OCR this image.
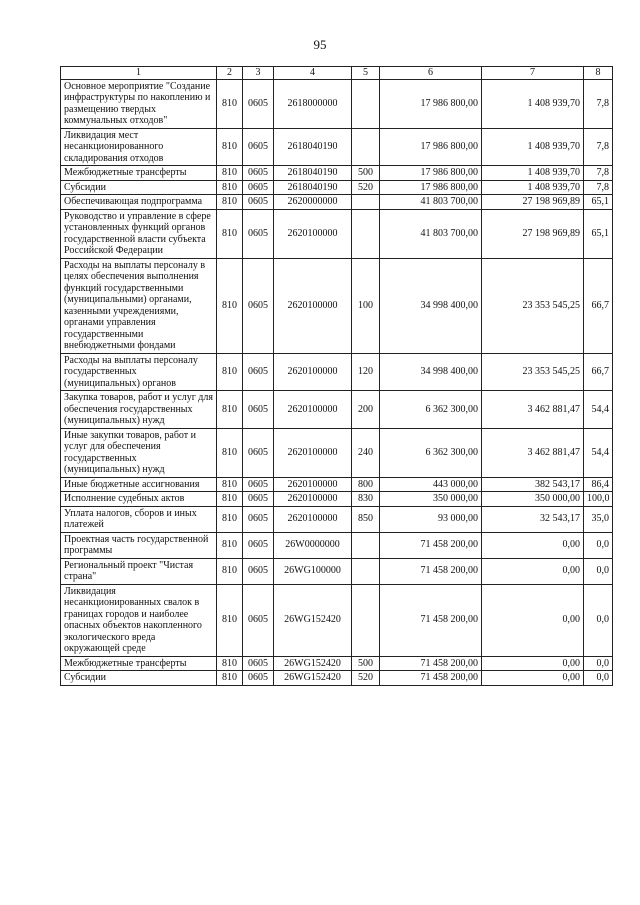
95
1	2	3	4	5	6	7	8
Основное мероприятие "Создание инфраструктуры по накоплению и размещению твердых коммунальных отходов"	810	0605	2618000000		17 986 800,00	1 408 939,70	7,8
Ликвидация мест несанкционированного складирования отходов	810	0605	2618040190		17 986 800,00	1 408 939,70	7,8
Межбюджетные трансферты	810	0605	2618040190	500	17 986 800,00	1 408 939,70	7,8
Субсидии	810	0605	2618040190	520	17 986 800,00	1 408 939,70	7,8
Обеспечивающая подпрограмма	810	0605	2620000000		41 803 700,00	27 198 969,89	65,1
Руководство и управление в сфере установленных функций органов государственной власти субъекта Российской Федерации	810	0605	2620100000		41 803 700,00	27 198 969,89	65,1
Расходы на выплаты персоналу в целях обеспечения выполнения функций государственными (муниципальными) органами, казенными учреждениями, органами управления государственными внебюджетными фондами	810	0605	2620100000	100	34 998 400,00	23 353 545,25	66,7
Расходы на выплаты персоналу государственных (муниципальных) органов	810	0605	2620100000	120	34 998 400,00	23 353 545,25	66,7
Закупка товаров, работ и услуг для обеспечения государственных (муниципальных) нужд	810	0605	2620100000	200	6 362 300,00	3 462 881,47	54,4
Иные закупки товаров, работ и услуг для обеспечения государственных (муниципальных) нужд	810	0605	2620100000	240	6 362 300,00	3 462 881,47	54,4
Иные бюджетные ассигнования	810	0605	2620100000	800	443 000,00	382 543,17	86,4
Исполнение судебных актов	810	0605	2620100000	830	350 000,00	350 000,00	100,0
Уплата налогов, сборов и иных платежей	810	0605	2620100000	850	93 000,00	32 543,17	35,0
Проектная часть государственной программы	810	0605	26W0000000		71 458 200,00	0,00	0,0
Региональный проект "Чистая страна"	810	0605	26WG100000		71 458 200,00	0,00	0,0
Ликвидация несанкционированных свалок в границах городов и наиболее опасных объектов накопленного экологического вреда окружающей среде	810	0605	26WG152420		71 458 200,00	0,00	0,0
Межбюджетные трансферты	810	0605	26WG152420	500	71 458 200,00	0,00	0,0
Субсидии	810	0605	26WG152420	520	71 458 200,00	0,00	0,0
